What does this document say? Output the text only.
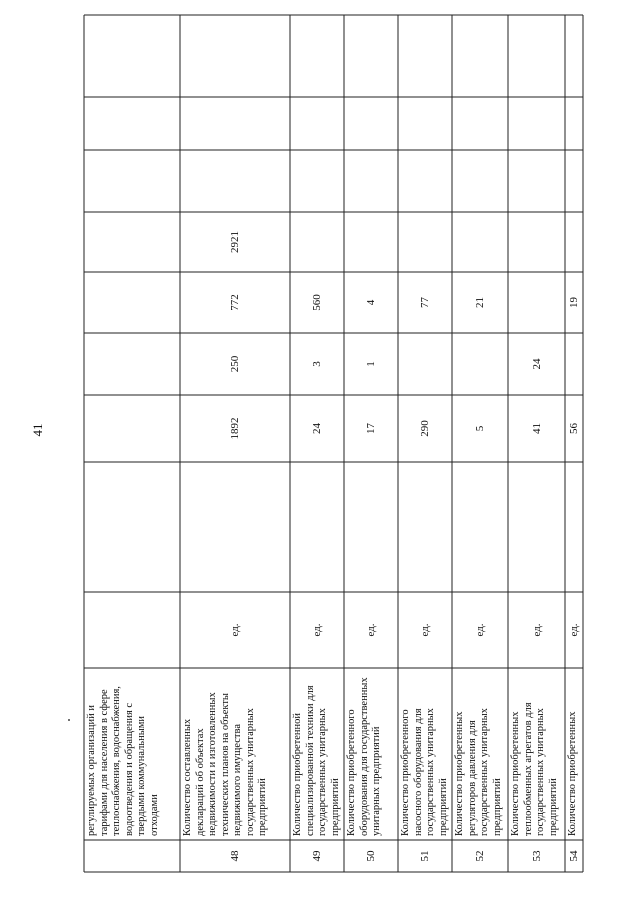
41
регулируемых организаций и тарифами для населения в сфере теплоснабжения, водоснабжения, водоотведения и обращения с твердыми коммунальными отходами
48
Количество составленных деклараций об объектах недвижимости и изготовленных технических планов на объекты недвижимого имущества государственных унитарных предприятий
ед.
1892
250
772
2921
49
Количество приобретенной специализированной техники для государственных унитарных предприятий
ед.
24
3
560
50
Количество приобретенного оборудования для государственных унитарных предприятий
ед.
17
1
4
51
Количество приобретенного насосного оборудования для государственных унитарных предприятий
ед.
290
77
52
Количество приобретенных регуляторов давления для государственных унитарных предприятий
ед.
5
21
53
Количество приобретенных теплообменных агрегатов для государственных унитарных предприятий
ед.
41
24
54
Количество приобретенных
ед.
56
19
